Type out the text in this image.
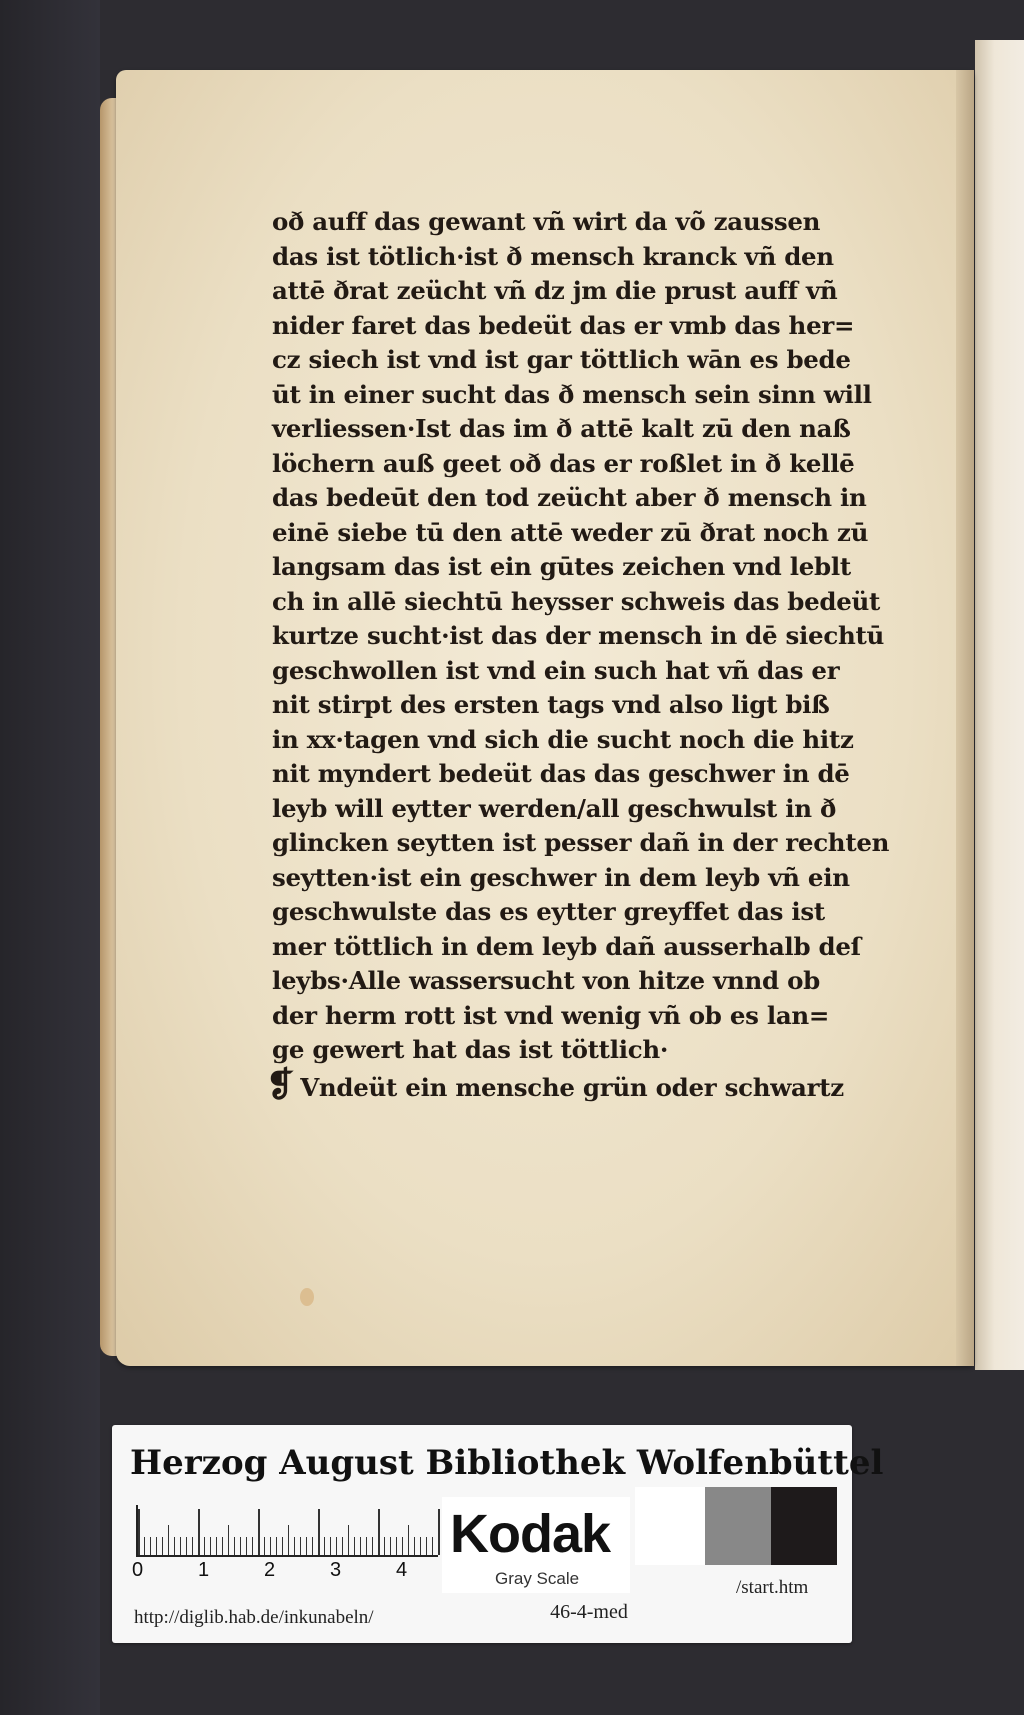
oð auff das gewant vñ wirt da võ zaussen
das ist tötlich·ist ð mensch kranck vñ den
attē ðrat zeücht vñ dz jm die prust auff vñ
nider faret das bedeüt das er vmb das her=
cz siech ist vnd ist gar töttlich wān es bede
ūt in einer sucht das ð mensch sein sinn will
verliessen·Ist das im ð attē kalt zū den naß
löchern auß geet oð das er roßlet in ð kellē
das bedeūt den tod zeücht aber ð mensch in
einē siebe tū den attē weder zū ðrat noch zū
langsam das ist ein gūtes zeichen vnd leblt
ch in allē siechtū heysser schweis das bedeüt
kurtze sucht·ist das der mensch in dē siechtū
geschwollen ist vnd ein such hat vñ das er
nit stirpt des ersten tags vnd also ligt biß
in xx·tagen vnd sich die sucht noch die hitz
nit myndert bedeüt das das geschwer in dē
leyb will eytter werden/all geschwulst in ð
glincken seytten ist pesser dañ in der rechten
seytten·ist ein geschwer in dem leyb vñ ein
geschwulste das es eytter greyffet das ist
mer töttlich in dem leyb dañ ausserhalb deſ
leybs·Alle wassersucht von hitze vnnd ob
der herm rott ist vnd wenig vñ ob es lan=
ge gewert hat das ist töttlich·
❡ Vndeüt ein mensche grün oder schwartz
Herzog August Bibliothek Wolfenbüttel
0	1	2	3	4
Kodak
Gray Scale
http://diglib.hab.de/inkunabeln/	46-4-med
/start.htm
